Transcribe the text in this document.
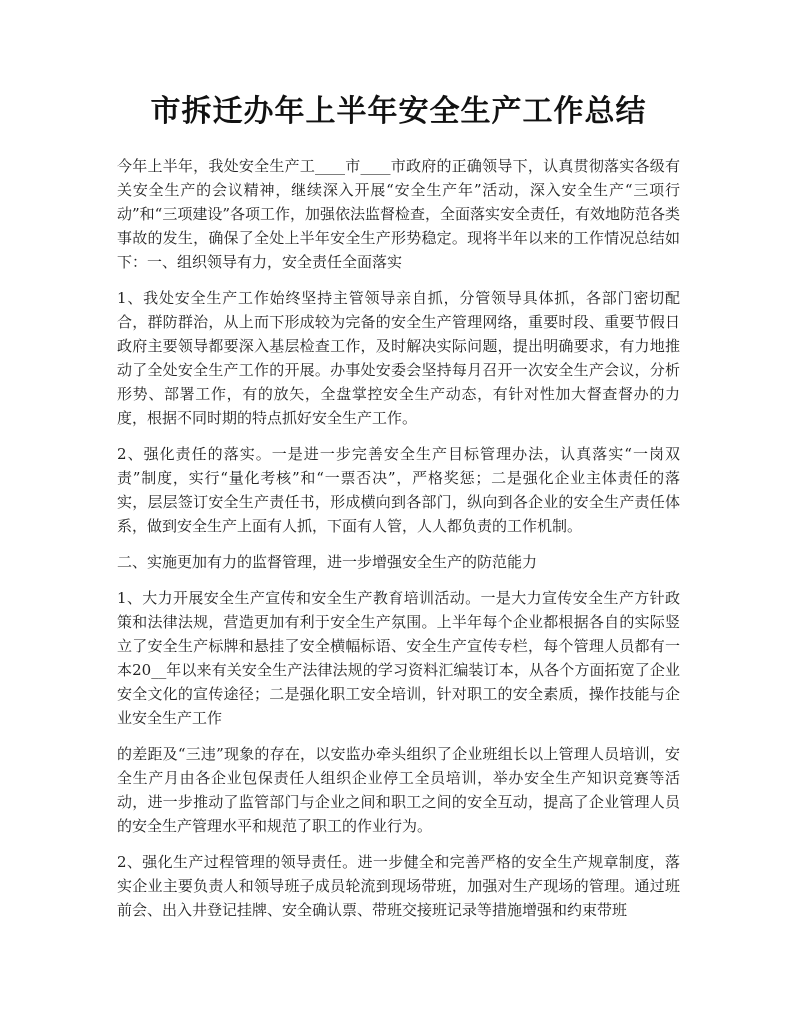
市拆迁办年上半年安全生产工作总结

今年上半年，我处安全生产工____市____市政府的正确领导下，认真贯彻落实各级有关安全生产的会议精神，继续深入开展“安全生产年”活动，深入安全生产“三项行动”和“三项建设”各项工作，加强依法监督检查，全面落实安全责任，有效地防范各类事故的发生，确保了全处上半年安全生产形势稳定。现将半年以来的工作情况总结如下：一、组织领导有力，安全责任全面落实

1、我处安全生产工作始终坚持主管领导亲自抓，分管领导具体抓，各部门密切配合，群防群治，从上而下形成较为完备的安全生产管理网络，重要时段、重要节假日政府主要领导都要深入基层检查工作，及时解决实际问题，提出明确要求，有力地推动了全处安全生产工作的开展。办事处安委会坚持每月召开一次安全生产会议，分析形势、部署工作，有的放矢，全盘掌控安全生产动态，有针对性加大督查督办的力度，根据不同时期的特点抓好安全生产工作。

2、强化责任的落实。一是进一步完善安全生产目标管理办法，认真落实“一岗双责”制度，实行“量化考核”和“一票否决”，严格奖惩；二是强化企业主体责任的落实，层层签订安全生产责任书，形成横向到各部门，纵向到各企业的安全生产责任体系，做到安全生产上面有人抓，下面有人管，人人都负责的工作机制。

二、实施更加有力的监督管理，进一步增强安全生产的防范能力

1、大力开展安全生产宣传和安全生产教育培训活动。一是大力宣传安全生产方针政策和法律法规，营造更加有利于安全生产氛围。上半年每个企业都根据各自的实际竖立了安全生产标牌和悬挂了安全横幅标语、安全生产宣传专栏，每个管理人员都有一本20__年以来有关安全生产法律法规的学习资料汇编装订本，从各个方面拓宽了企业安全文化的宣传途径；二是强化职工安全培训，针对职工的安全素质，操作技能与企业安全生产工作

的差距及“三违”现象的存在，以安监办牵头组织了企业班组长以上管理人员培训，安全生产月由各企业包保责任人组织企业停工全员培训，举办安全生产知识竞赛等活动，进一步推动了监管部门与企业之间和职工之间的安全互动，提高了企业管理人员的安全生产管理水平和规范了职工的作业行为。

2、强化生产过程管理的领导责任。进一步健全和完善严格的安全生产规章制度，落实企业主要负责人和领导班子成员轮流到现场带班，加强对生产现场的管理。通过班前会、出入井登记挂牌、安全确认票、带班交接班记录等措施增强和约束带班
